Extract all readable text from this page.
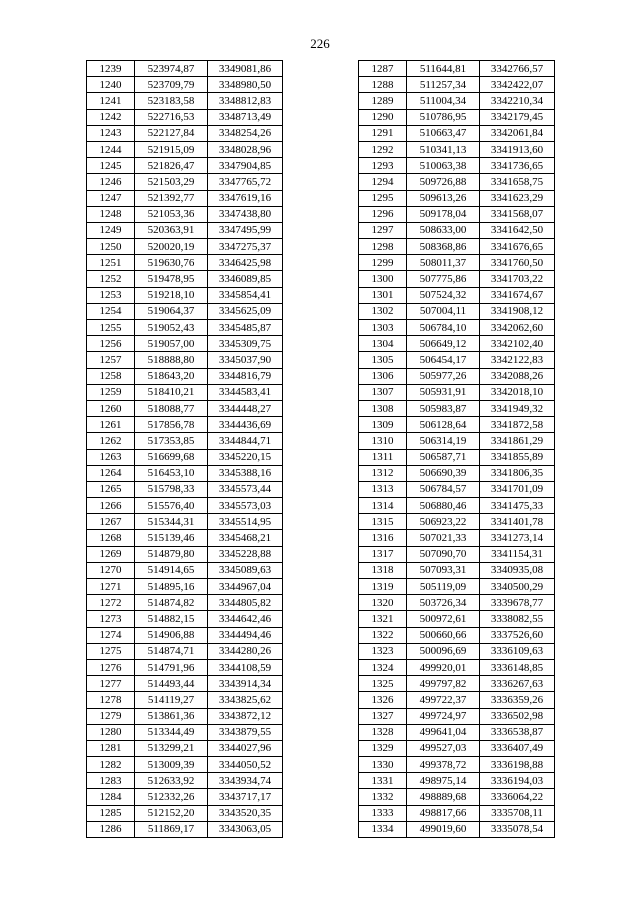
226
1239	523974,87	3349081,86
1240	523709,79	3348980,50
1241	523183,58	3348812,83
1242	522716,53	3348713,49
1243	522127,84	3348254,26
1244	521915,09	3348028,96
1245	521826,47	3347904,85
1246	521503,29	3347765,72
1247	521392,77	3347619,16
1248	521053,36	3347438,80
1249	520363,91	3347495,99
1250	520020,19	3347275,37
1251	519630,76	3346425,98
1252	519478,95	3346089,85
1253	519218,10	3345854,41
1254	519064,37	3345625,09
1255	519052,43	3345485,87
1256	519057,00	3345309,75
1257	518888,80	3345037,90
1258	518643,20	3344816,79
1259	518410,21	3344583,41
1260	518088,77	3344448,27
1261	517856,78	3344436,69
1262	517353,85	3344844,71
1263	516699,68	3345220,15
1264	516453,10	3345388,16
1265	515798,33	3345573,44
1266	515576,40	3345573,03
1267	515344,31	3345514,95
1268	515139,46	3345468,21
1269	514879,80	3345228,88
1270	514914,65	3345089,63
1271	514895,16	3344967,04
1272	514874,82	3344805,82
1273	514882,15	3344642,46
1274	514906,88	3344494,46
1275	514874,71	3344280,26
1276	514791,96	3344108,59
1277	514493,44	3343914,34
1278	514119,27	3343825,62
1279	513861,36	3343872,12
1280	513344,49	3343879,55
1281	513299,21	3344027,96
1282	513009,39	3344050,52
1283	512633,92	3343934,74
1284	512332,26	3343717,17
1285	512152,20	3343520,35
1286	511869,17	3343063,05
1287	511644,81	3342766,57
1288	511257,34	3342422,07
1289	511004,34	3342210,34
1290	510786,95	3342179,45
1291	510663,47	3342061,84
1292	510341,13	3341913,60
1293	510063,38	3341736,65
1294	509726,88	3341658,75
1295	509613,26	3341623,29
1296	509178,04	3341568,07
1297	508633,00	3341642,50
1298	508368,86	3341676,65
1299	508011,37	3341760,50
1300	507775,86	3341703,22
1301	507524,32	3341674,67
1302	507004,11	3341908,12
1303	506784,10	3342062,60
1304	506649,12	3342102,40
1305	506454,17	3342122,83
1306	505977,26	3342088,26
1307	505931,91	3342018,10
1308	505983,87	3341949,32
1309	506128,64	3341872,58
1310	506314,19	3341861,29
1311	506587,71	3341855,89
1312	506690,39	3341806,35
1313	506784,57	3341701,09
1314	506880,46	3341475,33
1315	506923,22	3341401,78
1316	507021,33	3341273,14
1317	507090,70	3341154,31
1318	507093,31	3340935,08
1319	505119,09	3340500,29
1320	503726,34	3339678,77
1321	500972,61	3338082,55
1322	500660,66	3337526,60
1323	500096,69	3336109,63
1324	499920,01	3336148,85
1325	499797,82	3336267,63
1326	499722,37	3336359,26
1327	499724,97	3336502,98
1328	499641,04	3336538,87
1329	499527,03	3336407,49
1330	499378,72	3336198,88
1331	498975,14	3336194,03
1332	498889,68	3336064,22
1333	498817,66	3335708,11
1334	499019,60	3335078,54
